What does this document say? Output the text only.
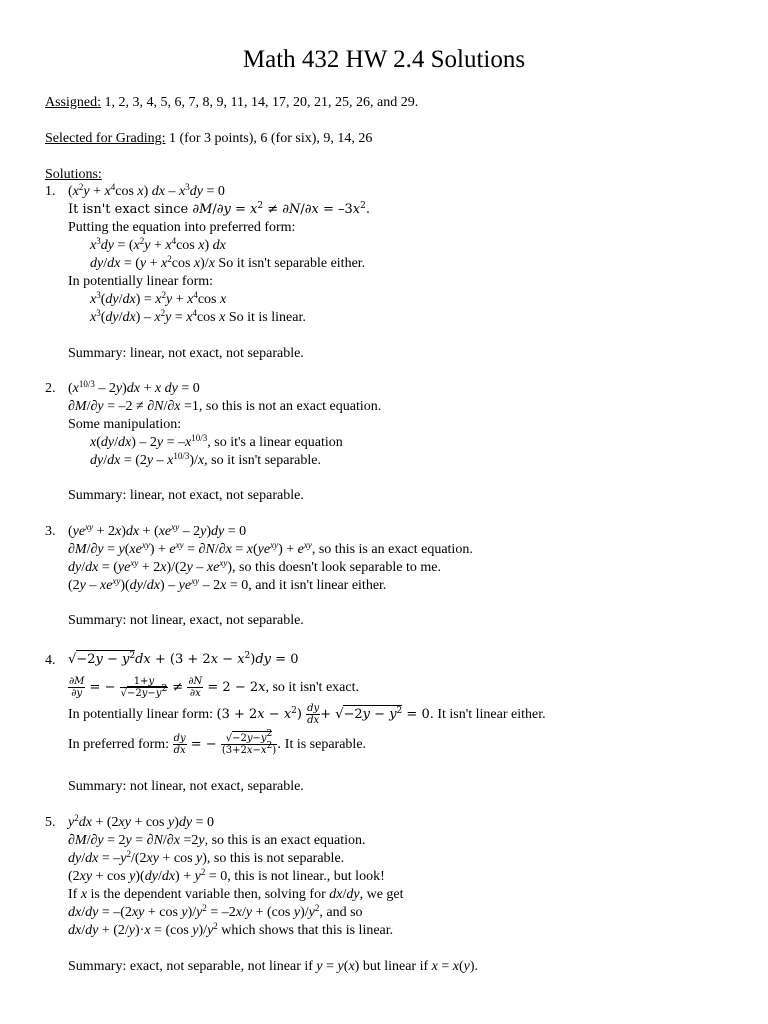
Math 432 HW 2.4 Solutions
Assigned: 1, 2, 3, 4, 5, 6, 7, 8, 9, 11, 14, 17, 20, 21, 25, 26, and 29.
Selected for Grading: 1 (for 3 points), 6 (for six), 9, 14, 26
Solutions:
1. ($x^2y + x^4\cos$ x) dx – $x^3dy = 0$
It isn't exact since $\partial M/\partial y = x^2 \ne \partial N/\partial x = -3x^2$.
Putting the equation into preferred form:
$x^3dy = (x^2y + x^4\cos$ x) dx
$dy/dx = (y + x^2\cos$ x)/x So it isn't separable either.
In potentially linear form:
$x^3(dy/dx) = x^2y + x^4\cos$ x
$x^3(dy/dx) - x^2y = x^4\cos$ x So it is linear.
Summary: linear, not exact, not separable.
2. $(x^{10/3} - 2y)dx + x$ dy = 0
∂M/∂y = –2 ≠ ∂N/∂x =1, so this is not an exact equation.
Some manipulation:
$x(dy/dx) - 2y = -x^{10/3}$, so it's a linear equation
$dy/dx = (2y - x^{10/3})/x$, so it isn't separable.
Summary: linear, not exact, not separable.
3. $(ye^{xy} + 2x)dx + (xe^{xy} - 2y)dy = 0$
$\partial M/\partial y = y(xe^{xy}) + e^{xy} = \partial N/\partial x = x(ye^{xy}) + e^{xy}$, so this is an exact equation.
$dy/dx = (ye^{xy} + 2x)/(2y - xe^{xy})$, so this doesn't look separable to me.
$(2y - xe^{xy})(dy/dx) - ye^{xy} - 2x = 0$, and it isn't linear either.
Summary: not linear, exact, not separable.
4. $√-2y - y^2dx + (3 + 2x - x^2)dy = 0$
$\frac{\partial M}{\partial y}$ = − $\frac{1+y}{√-2y-y^2} \ne \frac{\partial N}{\partial x} = 2 - 2x$, so it isn't exact.
In potentially linear form: $(3 + 2x - x^2) \frac{dy}{dx} + √-2y - y^2 = 0$. It isn't linear either.
In preferred form: $\frac{dy}{dx}$ = − $\frac{√-2y-y^2}{(3+2x-x^2)}$ . It is separable.
Summary: not linear, not exact, separable.
5. $y^2dx + (2xy + \cos y)dy = 0$
∂M/∂y = 2y = ∂N/∂x =2y, so this is an exact equation.
$dy/dx = -y^2/(2xy + \cos y)$, so this is not separable.
$(2xy + \cos y)(dy/dx) + y^2 = 0$, this is not linear., but look!
If x is the dependent variable then, solving for dx/dy, we get
$dx/dy = -(2xy + \cos y)/y^2 = -2x/y + (\cos$ $y)/y^2$, and so
dx/dy + (2/y)·x = (cos $y)/y^2$ which shows that this is linear.
Summary: exact, not separable, not linear if y = y(x) but linear if x = x(y).
